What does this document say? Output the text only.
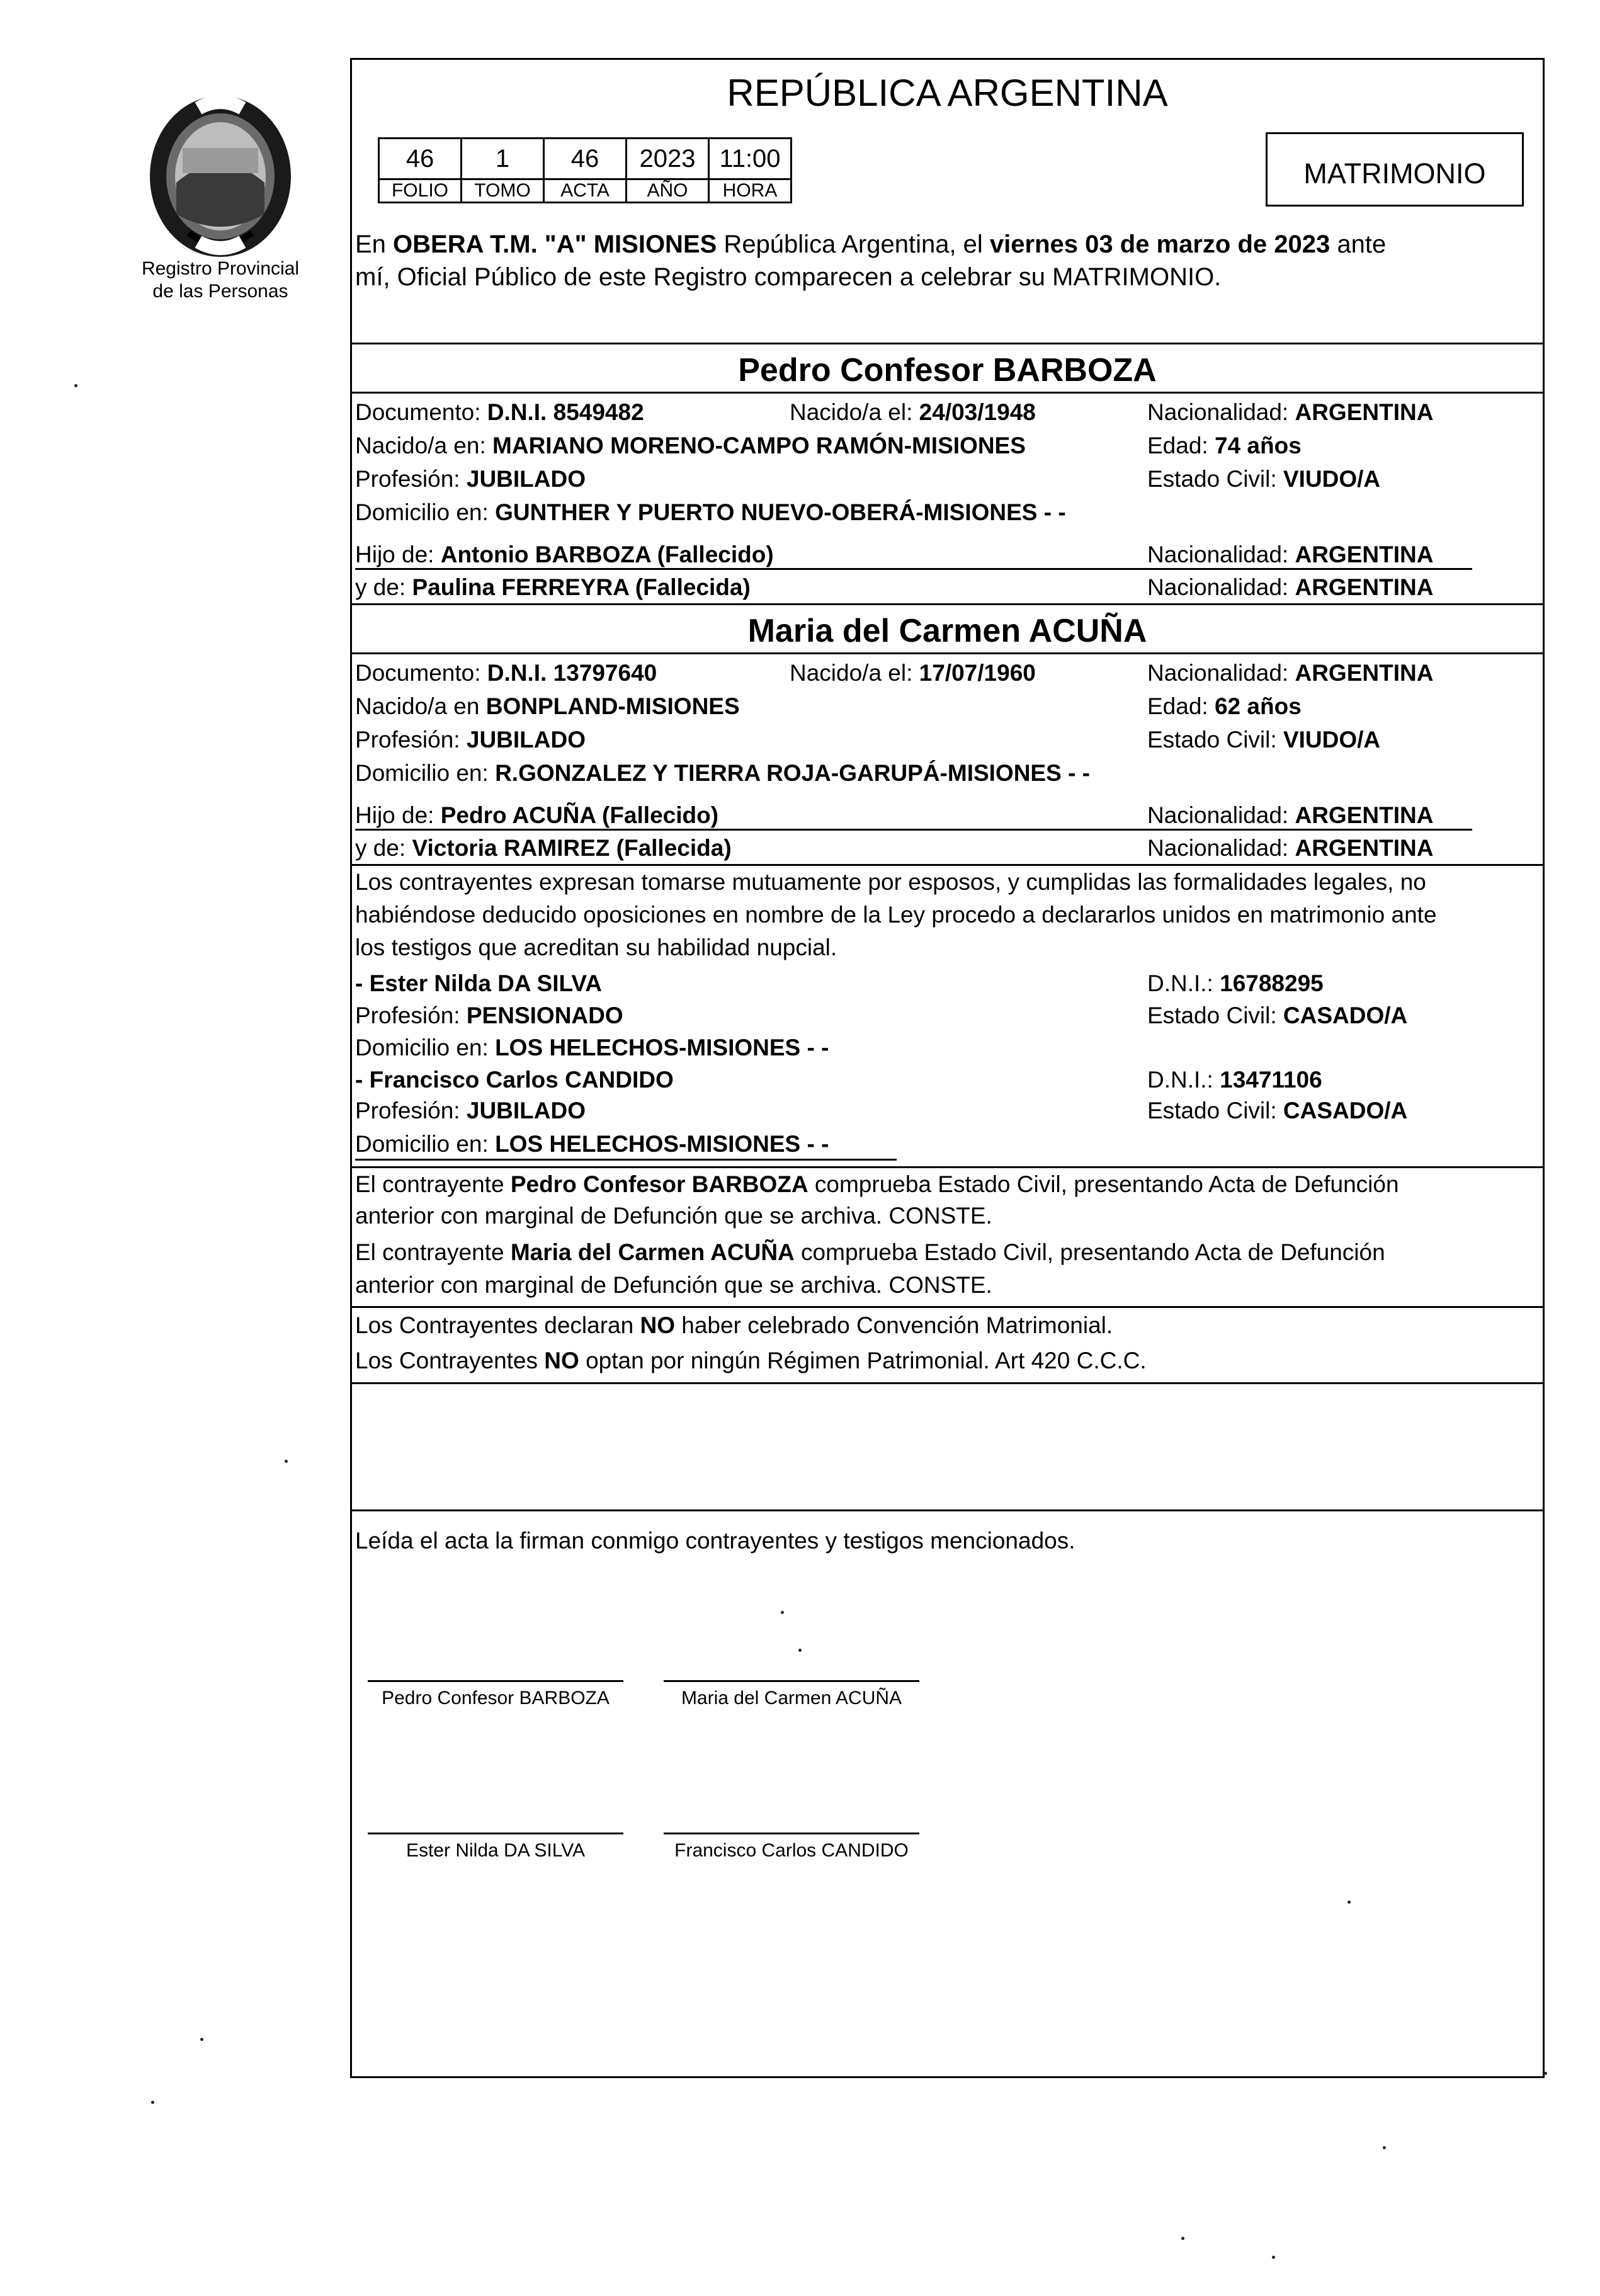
Registro Provincial
de las Personas
REPÚBLICA ARGENTINA
46	1	46	2023	11:00
FOLIO	TOMO	ACTA	AÑO	HORA
MATRIMONIO
En OBERA T.M. "A" MISIONES República Argentina, el viernes 03 de marzo de 2023 ante
mí, Oficial Público de este Registro comparecen a celebrar su MATRIMONIO.
Pedro Confesor BARBOZA
Documento: D.N.I. 8549482	Nacido/a el: 24/03/1948	Nacionalidad: ARGENTINA
Nacido/a en: MARIANO MORENO-CAMPO RAMÓN-MISIONES	Edad: 74 años
Profesión: JUBILADO	Estado Civil: VIUDO/A
Domicilio en: GUNTHER Y PUERTO NUEVO-OBERÁ-MISIONES - -
Hijo de: Antonio BARBOZA (Fallecido)	Nacionalidad: ARGENTINA
y de: Paulina FERREYRA (Fallecida)	Nacionalidad: ARGENTINA
Maria del Carmen ACUÑA
Documento: D.N.I. 13797640	Nacido/a el: 17/07/1960	Nacionalidad: ARGENTINA
Nacido/a en BONPLAND-MISIONES	Edad: 62 años
Profesión: JUBILADO	Estado Civil: VIUDO/A
Domicilio en: R.GONZALEZ Y TIERRA ROJA-GARUPÁ-MISIONES - -
Hijo de: Pedro ACUÑA (Fallecido)	Nacionalidad: ARGENTINA
y de: Victoria RAMIREZ (Fallecida)	Nacionalidad: ARGENTINA
Los contrayentes expresan tomarse mutuamente por esposos, y cumplidas las formalidades legales, no
habiéndose deducido oposiciones en nombre de la Ley procedo a declararlos unidos en matrimonio ante
los testigos que acreditan su habilidad nupcial.
- Ester Nilda DA SILVA	D.N.I.: 16788295
Profesión: PENSIONADO	Estado Civil: CASADO/A
Domicilio en: LOS HELECHOS-MISIONES - -
- Francisco Carlos CANDIDO	D.N.I.: 13471106
Profesión: JUBILADO	Estado Civil: CASADO/A
Domicilio en: LOS HELECHOS-MISIONES - -
El contrayente Pedro Confesor BARBOZA comprueba Estado Civil, presentando Acta de Defunción
anterior con marginal de Defunción que se archiva. CONSTE.
El contrayente Maria del Carmen ACUÑA comprueba Estado Civil, presentando Acta de Defunción
anterior con marginal de Defunción que se archiva. CONSTE.
Los Contrayentes declaran NO haber celebrado Convención Matrimonial.
Los Contrayentes NO optan por ningún Régimen Patrimonial. Art 420 C.C.C.
Leída el acta la firman conmigo contrayentes y testigos mencionados.
Pedro Confesor BARBOZA	Maria del Carmen ACUÑA
Ester Nilda DA SILVA	Francisco Carlos CANDIDO
